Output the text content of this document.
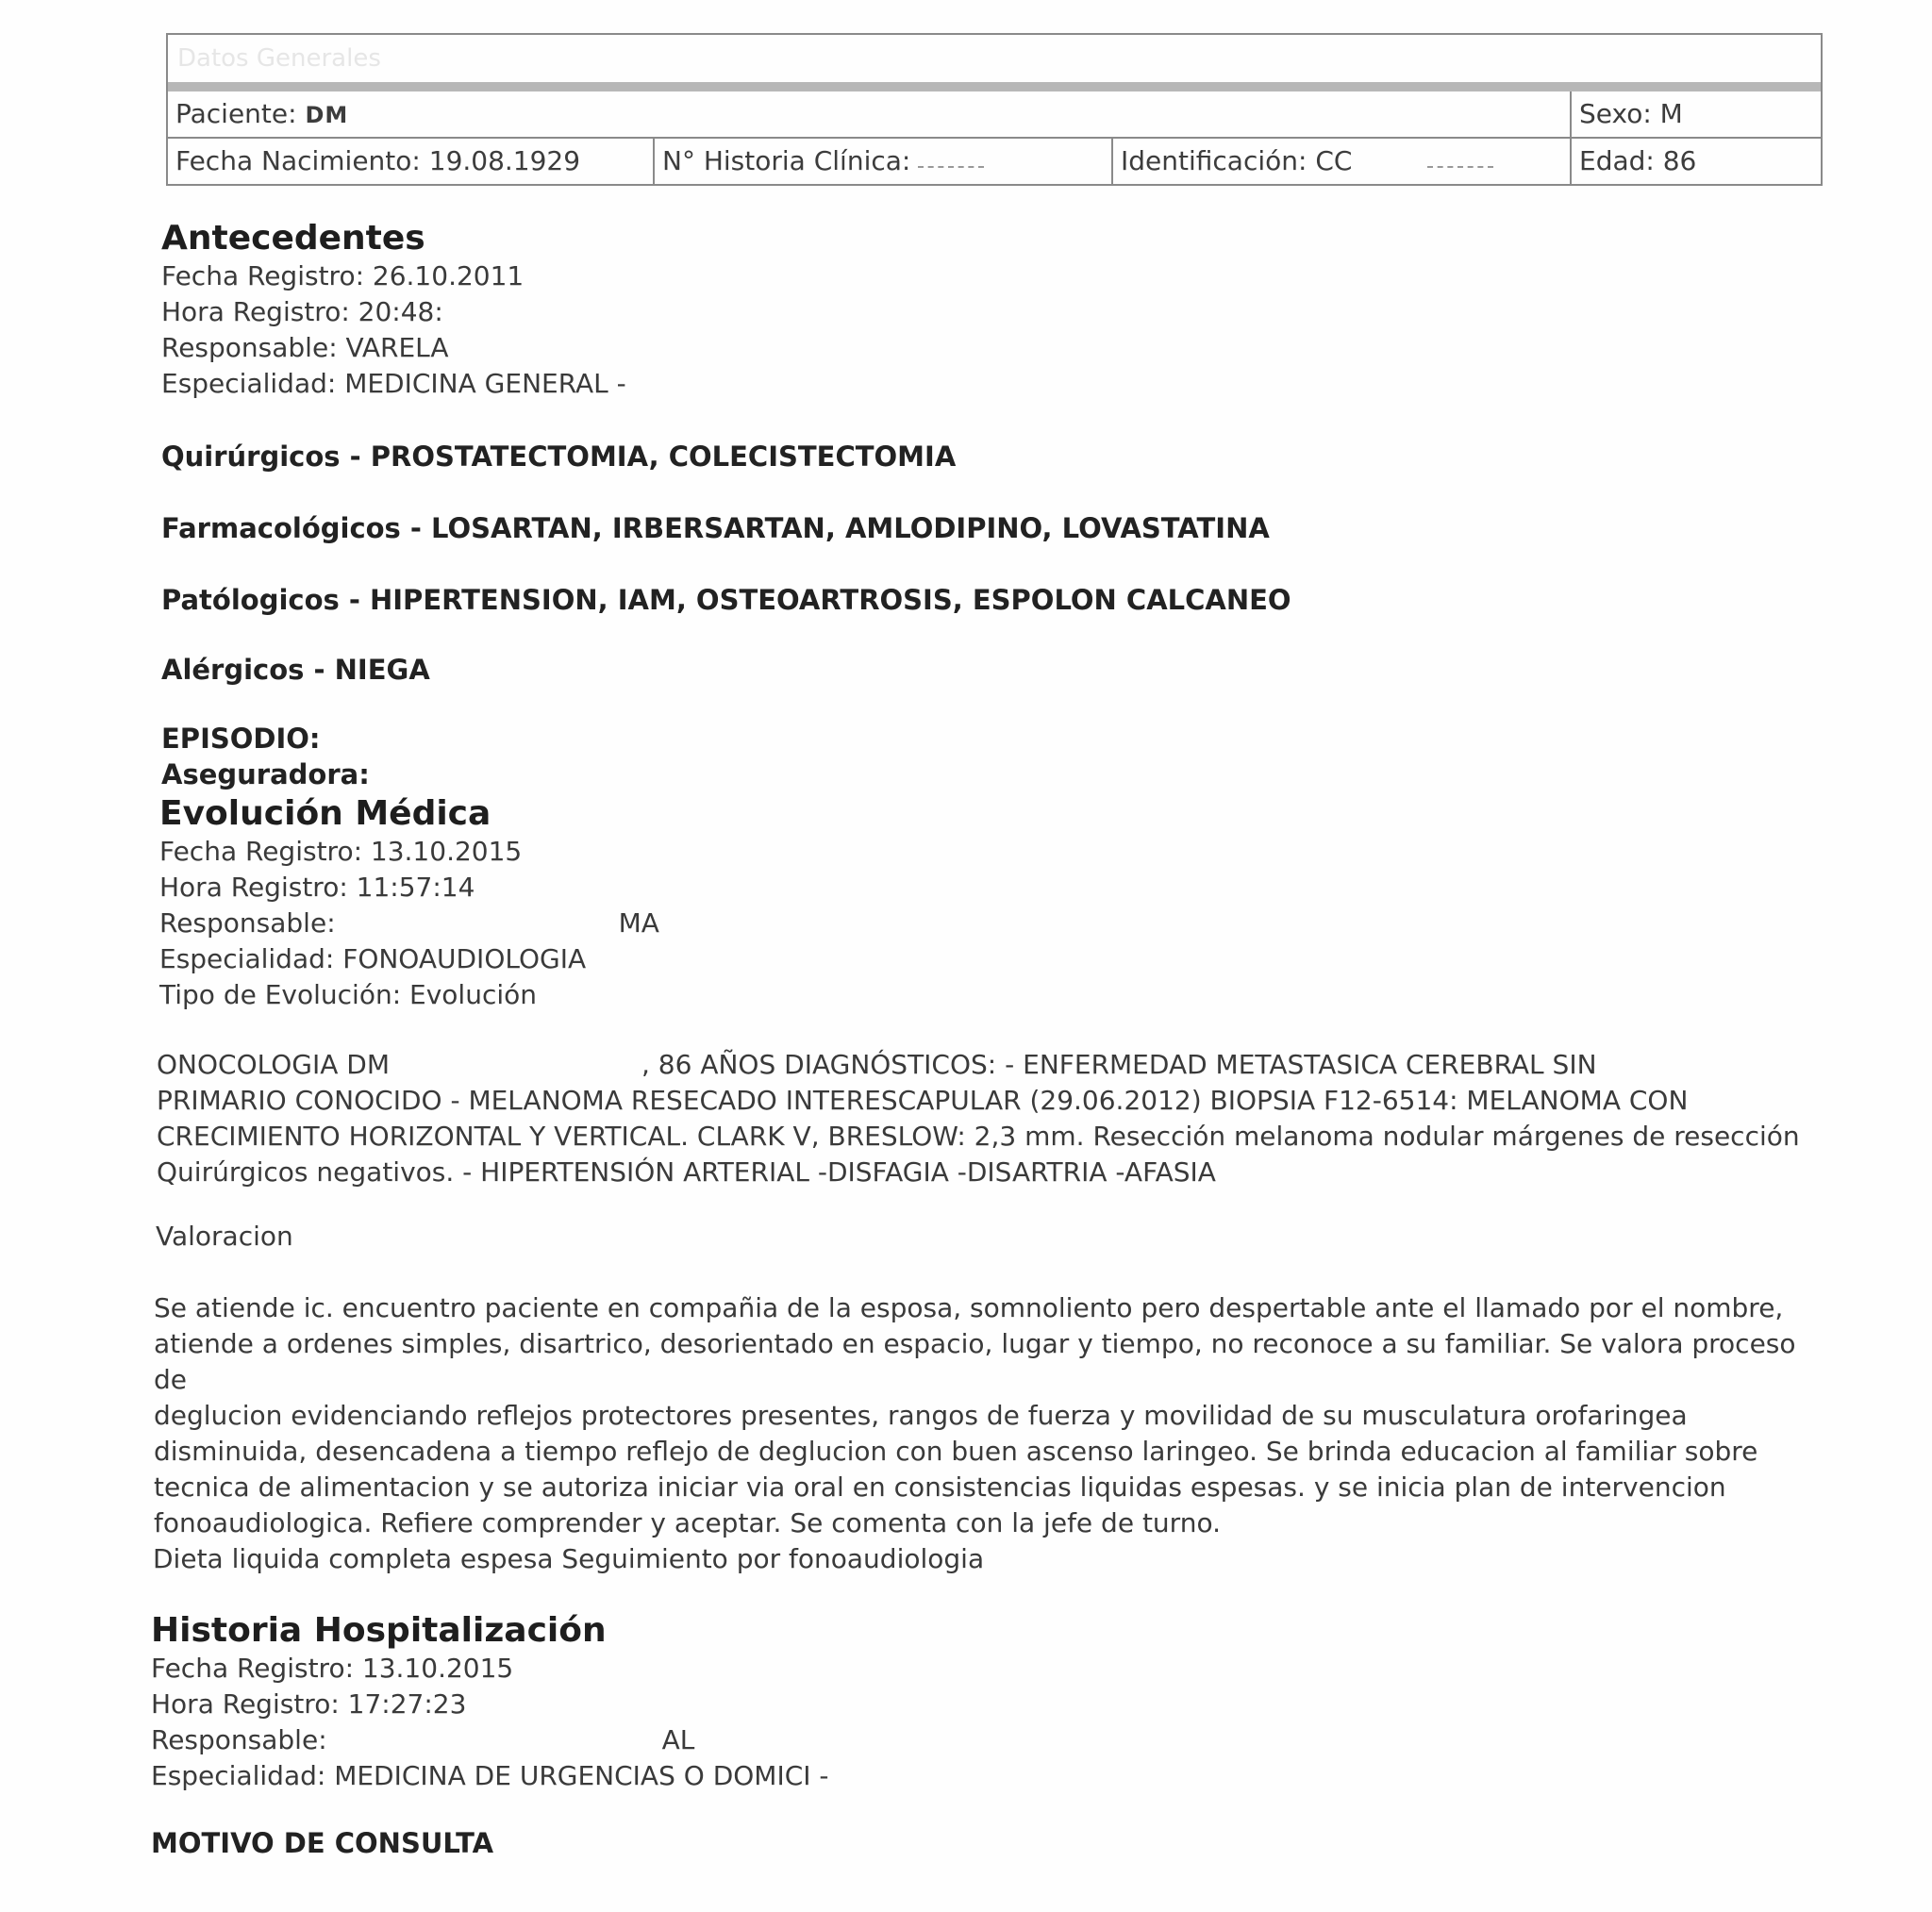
Datos Generales
Paciente: DM	Sexo: M
Fecha Nacimiento: 19.08.1929	N° Historia Clínica:	Identificación: CC	Edad: 86
Antecedentes
Fecha Registro: 26.10.2011
Hora Registro: 20:48:
Responsable: VARELA
Especialidad: MEDICINA GENERAL -
Quirúrgicos - PROSTATECTOMIA, COLECISTECTOMIA
Farmacológicos - LOSARTAN, IRBERSARTAN, AMLODIPINO, LOVASTATINA
Patólogicos - HIPERTENSION, IAM, OSTEOARTROSIS, ESPOLON CALCANEO
Alérgicos - NIEGA
EPISODIO:
Aseguradora:
Evolución Médica
Fecha Registro: 13.10.2015
Hora Registro: 11:57:14
Responsable:	MA
Especialidad: FONOAUDIOLOGIA
Tipo de Evolución: Evolución

ONOCOLOGIA DM                              , 86 AÑOS DIAGNÓSTICOS: - ENFERMEDAD METASTASICA CEREBRAL SIN

PRIMARIO CONOCIDO - MELANOMA RESECADO INTERESCAPULAR (29.06.2012) BIOPSIA F12-6514: MELANOMA CON

CRECIMIENTO HORIZONTAL Y VERTICAL. CLARK V, BRESLOW: 2,3 mm. Resección melanoma nodular márgenes de resección

Quirúrgicos negativos. - HIPERTENSIÓN ARTERIAL -DISFAGIA -DISARTRIA -AFASIA

Valoracion

Se atiende ic. encuentro paciente en compañia de la esposa, somnoliento pero despertable ante el llamado por el nombre,

atiende a ordenes simples, disartrico, desorientado en espacio, lugar y tiempo, no reconoce a su familiar. Se valora proceso de

deglucion evidenciando reflejos protectores presentes, rangos de fuerza y movilidad de su musculatura orofaringea

disminuida, desencadena a tiempo reflejo de deglucion con buen ascenso laringeo. Se brinda educacion al familiar sobre

tecnica de alimentacion y se autoriza iniciar via oral en consistencias liquidas espesas. y se inicia plan de intervencion

fonoaudiologica. Refiere comprender y aceptar. Se comenta con la jefe de turno.

Dieta liquida completa espesa Seguimiento por fonoaudiologia
Historia Hospitalización
Fecha Registro: 13.10.2015
Hora Registro: 17:27:23
Responsable:	AL
Especialidad: MEDICINA DE URGENCIAS O DOMICI -
MOTIVO DE CONSULTA
